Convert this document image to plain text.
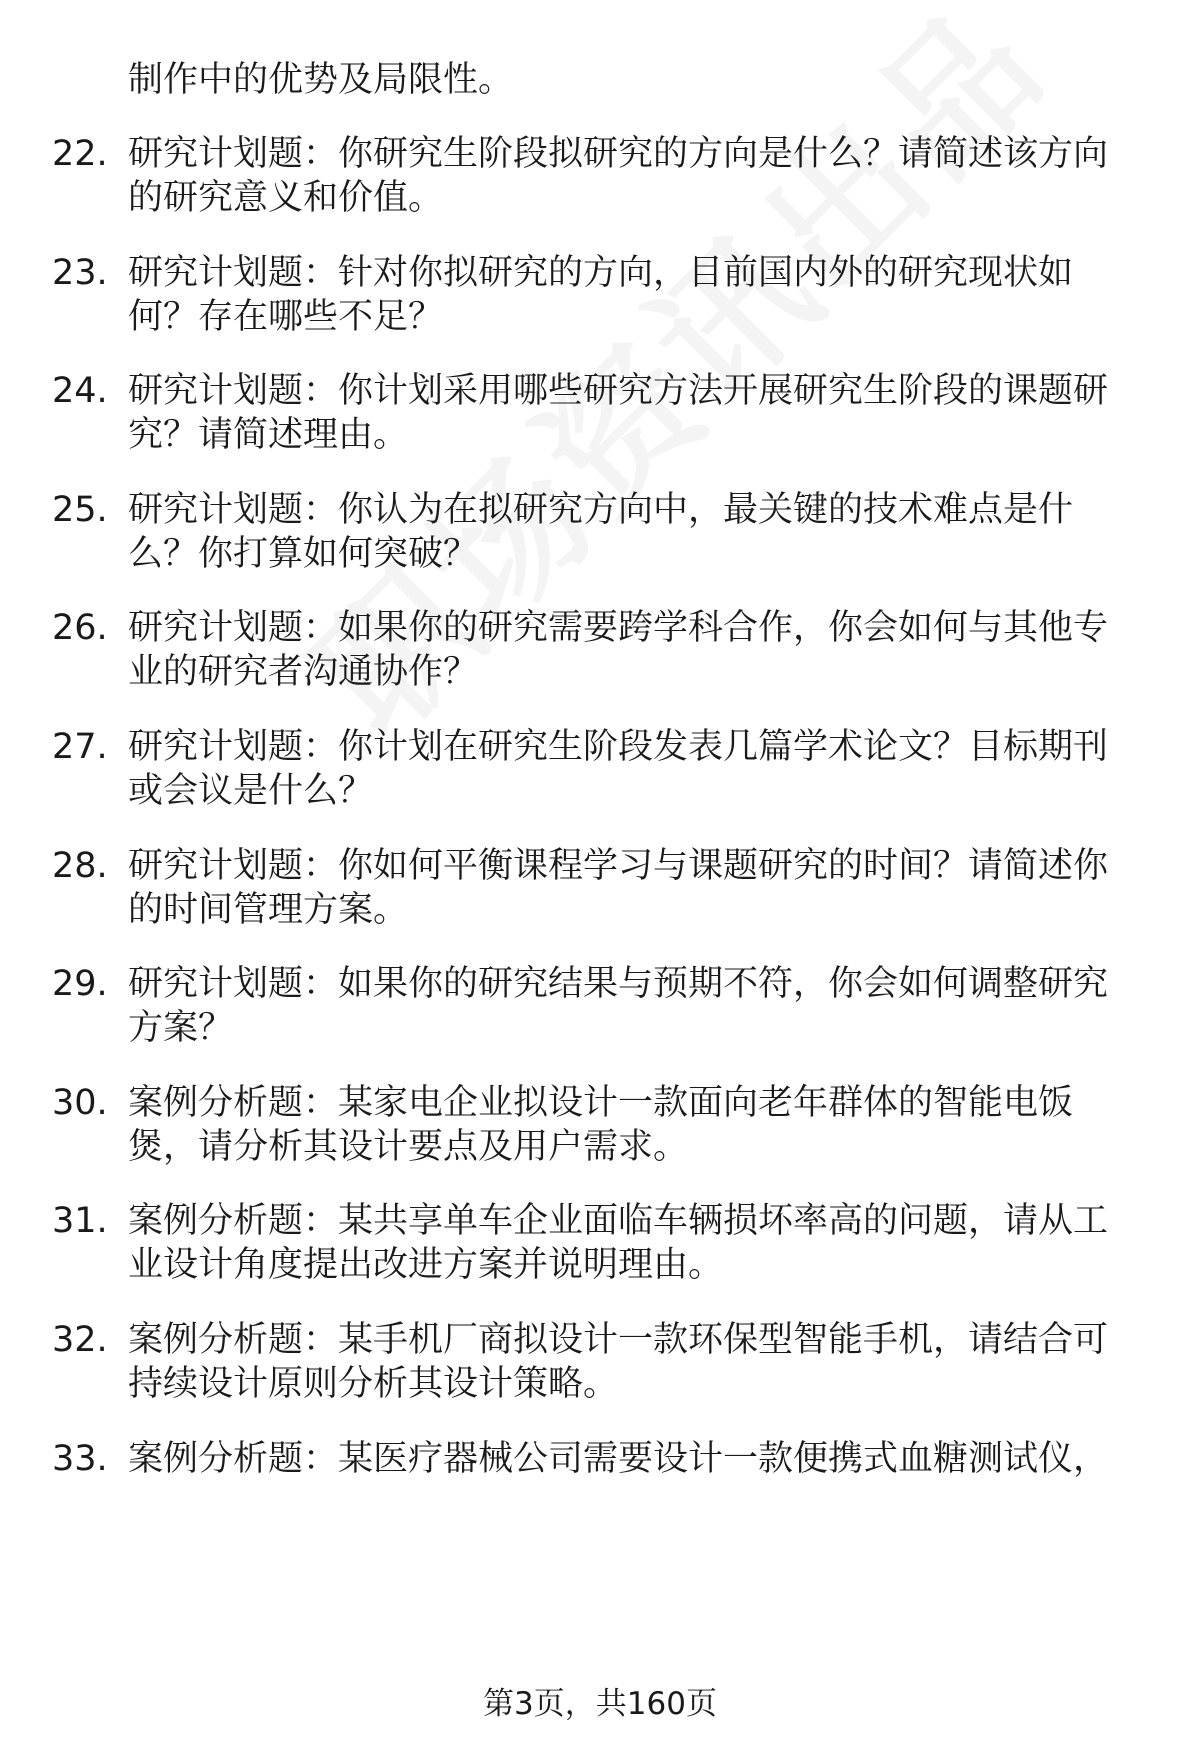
制作中的优势及局限性。
22. 研究计划题：你研究生阶段拟研究的方向是什么？请简述该方向
的研究意义和价值。
23. 研究计划题：针对你拟研究的方向，目前国内外的研究现状如
何？存在哪些不足？
24. 研究计划题：你计划采用哪些研究方法开展研究生阶段的课题研
究？请简述理由。
25. 研究计划题：你认为在拟研究方向中，最关键的技术难点是什
么？你打算如何突破？
26. 研究计划题：如果你的研究需要跨学科合作，你会如何与其他专
业的研究者沟通协作？
27. 研究计划题：你计划在研究生阶段发表几篇学术论文？目标期刊
或会议是什么？
28. 研究计划题：你如何平衡课程学习与课题研究的时间？请简述你
的时间管理方案。
29. 研究计划题：如果你的研究结果与预期不符，你会如何调整研究
方案？
30. 案例分析题：某家电企业拟设计一款面向老年群体的智能电饭
煲，请分析其设计要点及用户需求。
31. 案例分析题：某共享单车企业面临车辆损坏率高的问题，请从工
业设计角度提出改进方案并说明理由。
32. 案例分析题：某手机厂商拟设计一款环保型智能手机，请结合可
持续设计原则分析其设计策略。
33. 案例分析题：某医疗器械公司需要设计一款便携式血糖测试仪，
第3页，共160页
